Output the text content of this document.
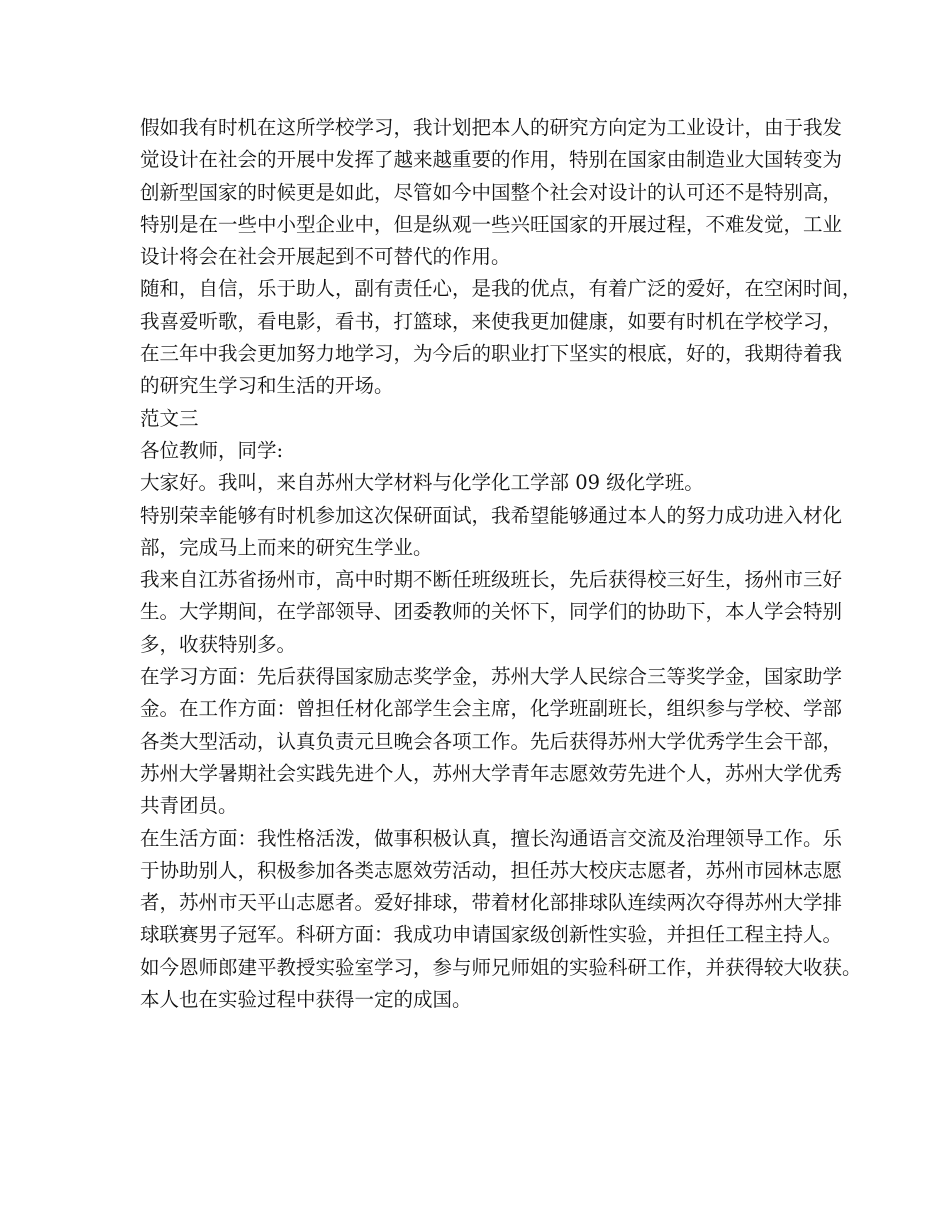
假如我有时机在这所学校学习，我计划把本人的研究方向定为工业设计，由于我发
觉设计在社会的开展中发挥了越来越重要的作用，特别在国家由制造业大国转变为
创新型国家的时候更是如此，尽管如今中国整个社会对设计的认可还不是特别高，
特别是在一些中小型企业中，但是纵观一些兴旺国家的开展过程，不难发觉，工业
设计将会在社会开展起到不可替代的作用。
随和，自信，乐于助人，副有责任心，是我的优点，有着广泛的爱好，在空闲时间，
我喜爱听歌，看电影，看书，打篮球，来使我更加健康，如要有时机在学校学习，
在三年中我会更加努力地学习，为今后的职业打下坚实的根底，好的，我期待着我
的研究生学习和生活的开场。
范文三
各位教师，同学:
大家好。我叫，来自苏州大学材料与化学化工学部 09 级化学班。
特别荣幸能够有时机参加这次保研面试，我希望能够通过本人的努力成功进入材化
部，完成马上而来的研究生学业。
我来自江苏省扬州市，高中时期不断任班级班长，先后获得校三好生，扬州市三好
生。大学期间，在学部领导、团委教师的关怀下，同学们的协助下，本人学会特别
多，收获特别多。
在学习方面：先后获得国家励志奖学金，苏州大学人民综合三等奖学金，国家助学
金。在工作方面：曾担任材化部学生会主席，化学班副班长，组织参与学校、学部
各类大型活动，认真负责元旦晚会各项工作。先后获得苏州大学优秀学生会干部，
苏州大学暑期社会实践先进个人，苏州大学青年志愿效劳先进个人，苏州大学优秀
共青团员。
在生活方面：我性格活泼，做事积极认真，擅长沟通语言交流及治理领导工作。乐
于协助别人，积极参加各类志愿效劳活动，担任苏大校庆志愿者，苏州市园林志愿
者，苏州市天平山志愿者。爱好排球，带着材化部排球队连续两次夺得苏州大学排
球联赛男子冠军。科研方面：我成功申请国家级创新性实验，并担任工程主持人。
如今恩师郎建平教授实验室学习，参与师兄师姐的实验科研工作，并获得较大收获。
本人也在实验过程中获得一定的成国。
